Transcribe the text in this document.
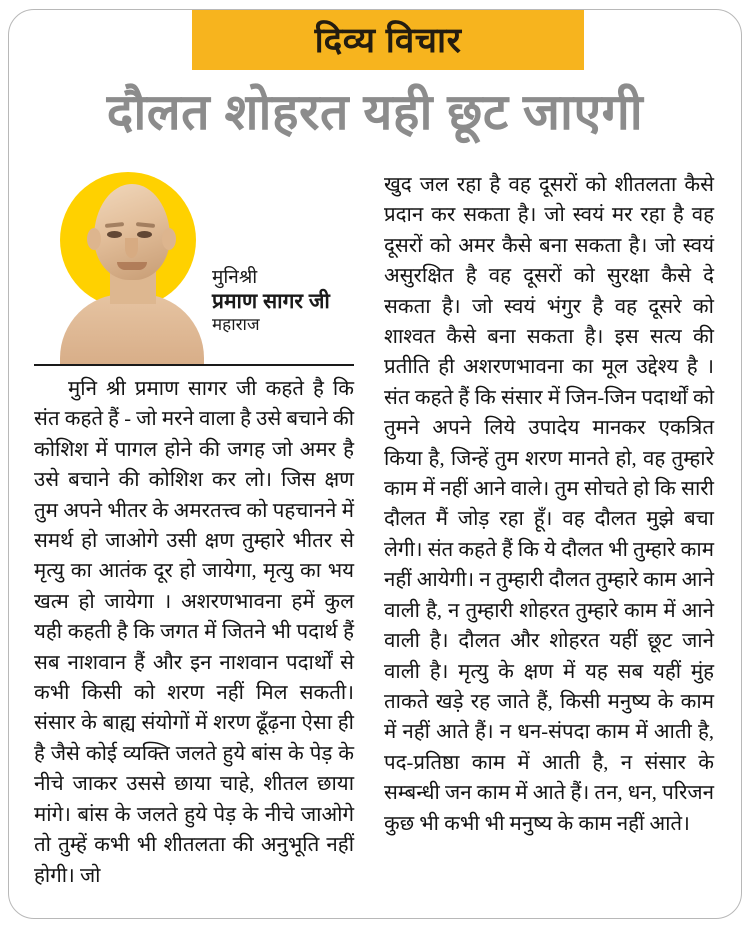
दिव्य विचार
दौलत शोहरत यही छूट जाएगी
मुनिश्री
प्रमाण सागर जी
महाराज

मुनि श्री प्रमाण सागर जी कहते है कि संत कहते हैं - जो मरने वाला है उसे बचाने की कोशिश में पागल होने की जगह जो अमर है उसे बचाने की कोशिश कर लो। जिस क्षण तुम अपने भीतर के अमरतत्त्व को पहचानने में समर्थ हो जाओगे उसी क्षण तुम्हारे भीतर से मृत्यु का आतंक दूर हो जायेगा, मृत्यु का भय खत्म हो जायेगा । अशरणभावना हमें कुल यही कहती है कि जगत में जितने भी पदार्थ हैं सब नाशवान हैं और इन नाशवान पदार्थों से कभी किसी को शरण नहीं मिल सकती। संसार के बाह्य संयोगों में शरण ढूँढ़ना ऐसा ही है जैसे कोई व्यक्ति जलते हुये बांस के पेड़ के नीचे जाकर उससे छाया चाहे, शीतल छाया मांगे। बांस के जलते हुये पेड़ के नीचे जाओगे तो तुम्हें कभी भी शीतलता की अनुभूति नहीं होगी। जो

खुद जल रहा है वह दूसरों को शीतलता कैसे प्रदान कर सकता है। जो स्वयं मर रहा है वह दूसरों को अमर कैसे बना सकता है। जो स्वयं असुरक्षित है वह दूसरों को सुरक्षा कैसे दे सकता है। जो स्वयं भंगुर है वह दूसरे को शाश्वत कैसे बना सकता है। इस सत्य की प्रतीति ही अशरणभावना का मूल उद्देश्य है । संत कहते हैं कि संसार में जिन-जिन पदार्थों को तुमने अपने लिये उपादेय मानकर एकत्रित किया है, जिन्हें तुम शरण मानते हो, वह तुम्हारे काम में नहीं आने वाले। तुम सोचते हो कि सारी दौलत मैं जोड़ रहा हूँ। वह दौलत मुझे बचा लेगी। संत कहते हैं कि ये दौलत भी तुम्हारे काम नहीं आयेगी। न तुम्हारी दौलत तुम्हारे काम आने वाली है, न तुम्हारी शोहरत तुम्हारे काम में आने वाली है। दौलत और शोहरत यहीं छूट जाने वाली है। मृत्यु के क्षण में यह सब यहीं मुंह ताकते खड़े रह जाते हैं, किसी मनुष्य के काम में नहीं आते हैं। न धन-संपदा काम में आती है, पद-प्रतिष्ठा काम में आती है, न संसार के सम्बन्धी जन काम में आते हैं। तन, धन, परिजन कुछ भी कभी भी मनुष्य के काम नहीं आते।
